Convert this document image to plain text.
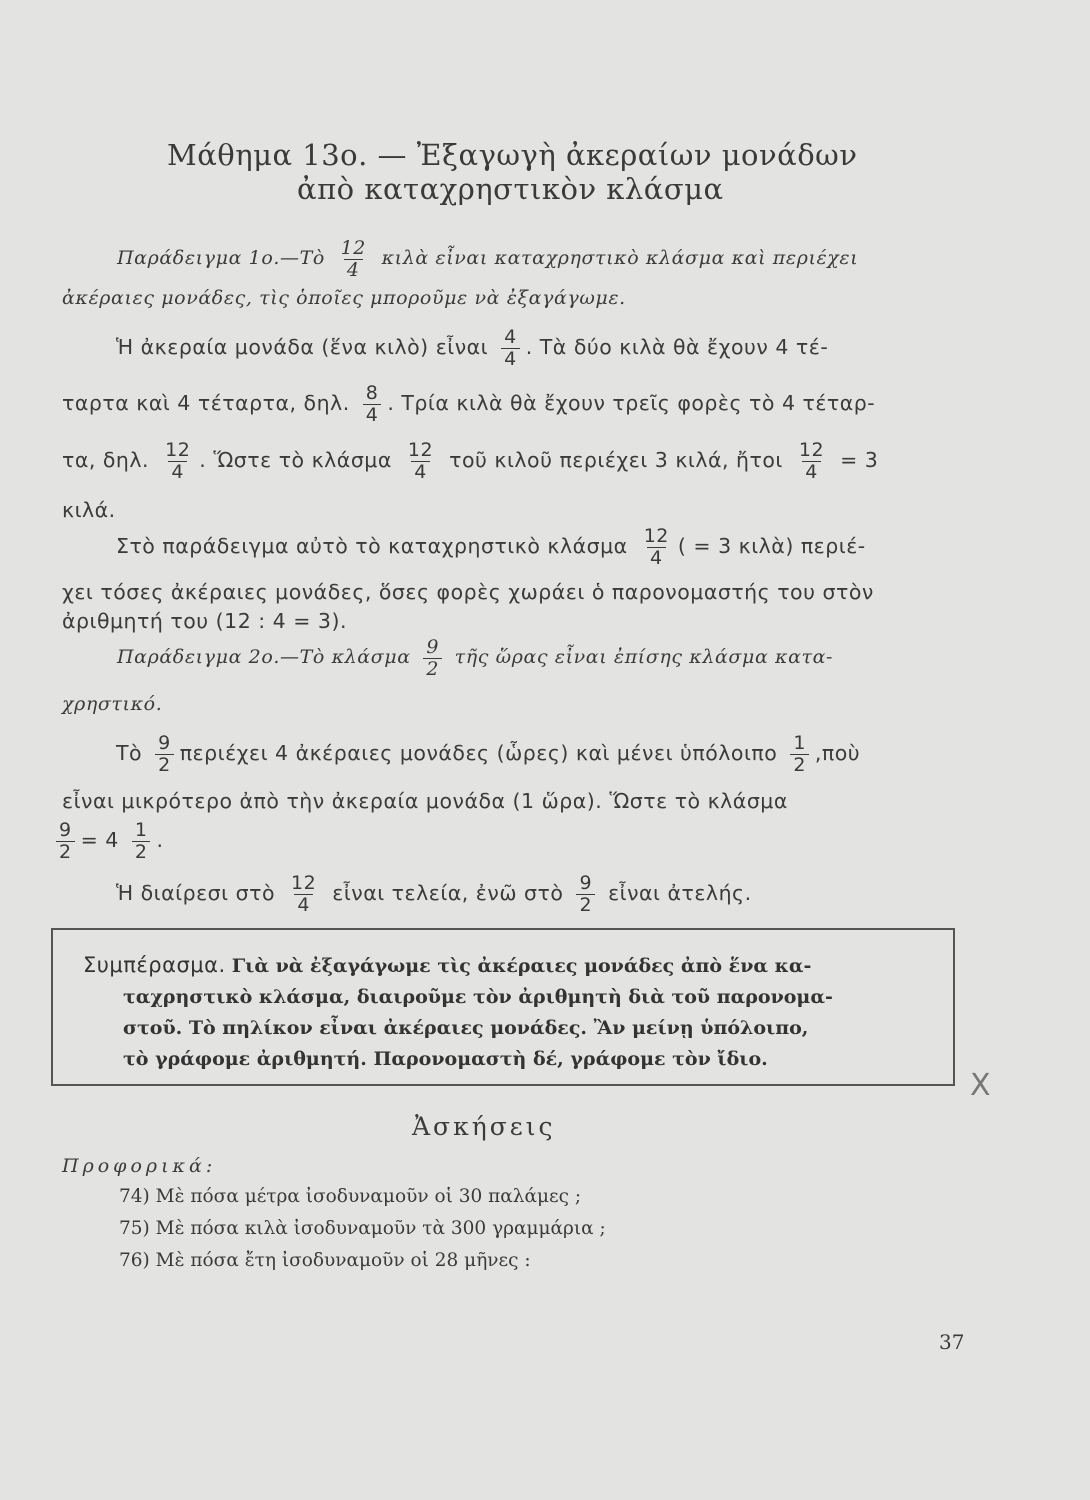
Μάθημα 13ο. — Ἐξαγωγὴ ἀκεραίων μονάδων
ἀπὸ καταχρηστικὸν κλάσμα
Παράδειγμα 1ο.—Τὸ $\frac{12}{4}$ κιλὰ εἶναι καταχρηστικὸ κλάσμα καὶ περιέχει
ἀκέραιες μονάδες, τὶς ὁποῖες μποροῦμε νὰ ἐξαγάγωμε.
Ἡ ἀκεραία μονάδα (ἕνα κιλὸ) εἶναι $\frac{4}{4}$ . Τὰ δύο κιλὰ θὰ ἔχουν 4 τέ-
ταρτα καὶ 4 τέταρτα, δηλ. $\frac{8}{4}$ . Τρία κιλὰ θὰ ἔχουν τρεῖς φορὲς τὸ 4 τέταρ-
τα, δηλ. $\frac{12}{4}$ . Ὥστε τὸ κλάσμα $\frac{12}{4}$ τοῦ κιλοῦ περιέχει 3 κιλά, ἤτοι $\frac{12}{4} = 3$
κιλά.
Στὸ παράδειγμα αὐτὸ τὸ καταχρηστικὸ κλάσμα $\frac{12}{4}$ ( = 3 κιλὰ) περιέ-
χει τόσες ἀκέραιες μονάδες, ὅσες φορὲς χωράει ὁ παρονομαστής του στὸν
ἀριθμητή του (12 : 4 = 3).
Παράδειγμα 2ο.—Τὸ κλάσμα $\frac{9}{2}$ τῆς ὥρας εἶναι ἐπίσης κλάσμα κατα-
χρηστικό.
Τὸ $\frac{9}{2}$ περιέχει 4 ἀκέραιες μονάδες (ὧρες) καὶ μένει ὑπόλοιπο $\frac{1}{2}$ ,ποὺ
εἶναι μικρότερο ἀπὸ τὴν ἀκεραία μονάδα (1 ὥρα). Ὥστε τὸ κλάσμα
$\frac{9}{2} = 4 \frac{1}{2}$ .
Ἡ διαίρεσι στὸ $\frac{12}{4}$ εἶναι τελεία, ἐνῶ στὸ $\frac{9}{2}$ εἶναι ἀτελής.
Συμπέρασμα. Γιὰ νὰ ἐξαγάγωμε τὶς ἀκέραιες μονάδες ἀπὸ ἕνα κα-
ταχρηστικὸ κλάσμα, διαιροῦμε τὸν ἀριθμητὴ διὰ τοῦ παρονομα-
στοῦ. Τὸ πηλίκον εἶναι ἀκέραιες μονάδες. Ἂν μείνῃ ὑπόλοιπο,
τὸ γράφομε ἀριθμητή. Παρονομαστὴ δέ, γράφομε τὸν ἴδιο.
X
Ἀσκήσεις
Προφορικά:
74) Μὲ πόσα μέτρα ἰσοδυναμοῦν οἱ 30 παλάμες ;
75) Μὲ πόσα κιλὰ ἰσοδυναμοῦν τὰ 300 γραμμάρια ;
76) Μὲ πόσα ἔτη ἰσοδυναμοῦν οἱ 28 μῆνες :
37
